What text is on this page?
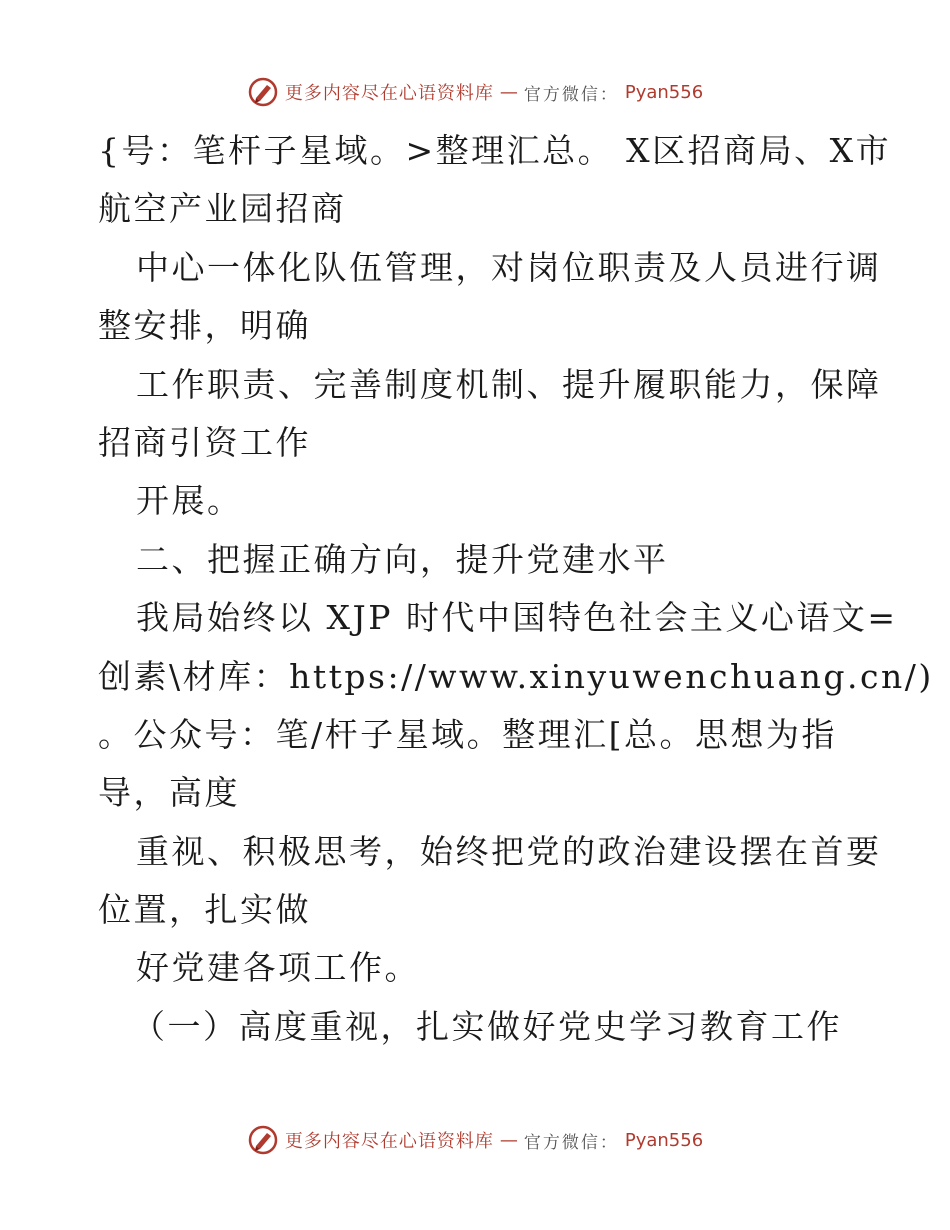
更多内容尽在心语资料库 — 官方微信： Pyan556
{号：笔杆子星域。>整理汇总。 X区招商局、X市
航空产业园招商
中心一体化队伍管理，对岗位职责及人员进行调
整安排，明确
工作职责、完善制度机制、提升履职能力，保障
招商引资工作
开展。
二、把握正确方向，提升党建水平
我局始终以 XJP 时代中国特色社会主义心语文=
创素\材库：https://www.xinyuwenchuang.cn/)
。公众号：笔/杆子星域。整理汇[总。思想为指
导，高度
重视、积极思考，始终把党的政治建设摆在首要
位置，扎实做
好党建各项工作。
（一）高度重视，扎实做好党史学习教育工作
更多内容尽在心语资料库 — 官方微信： Pyan556
